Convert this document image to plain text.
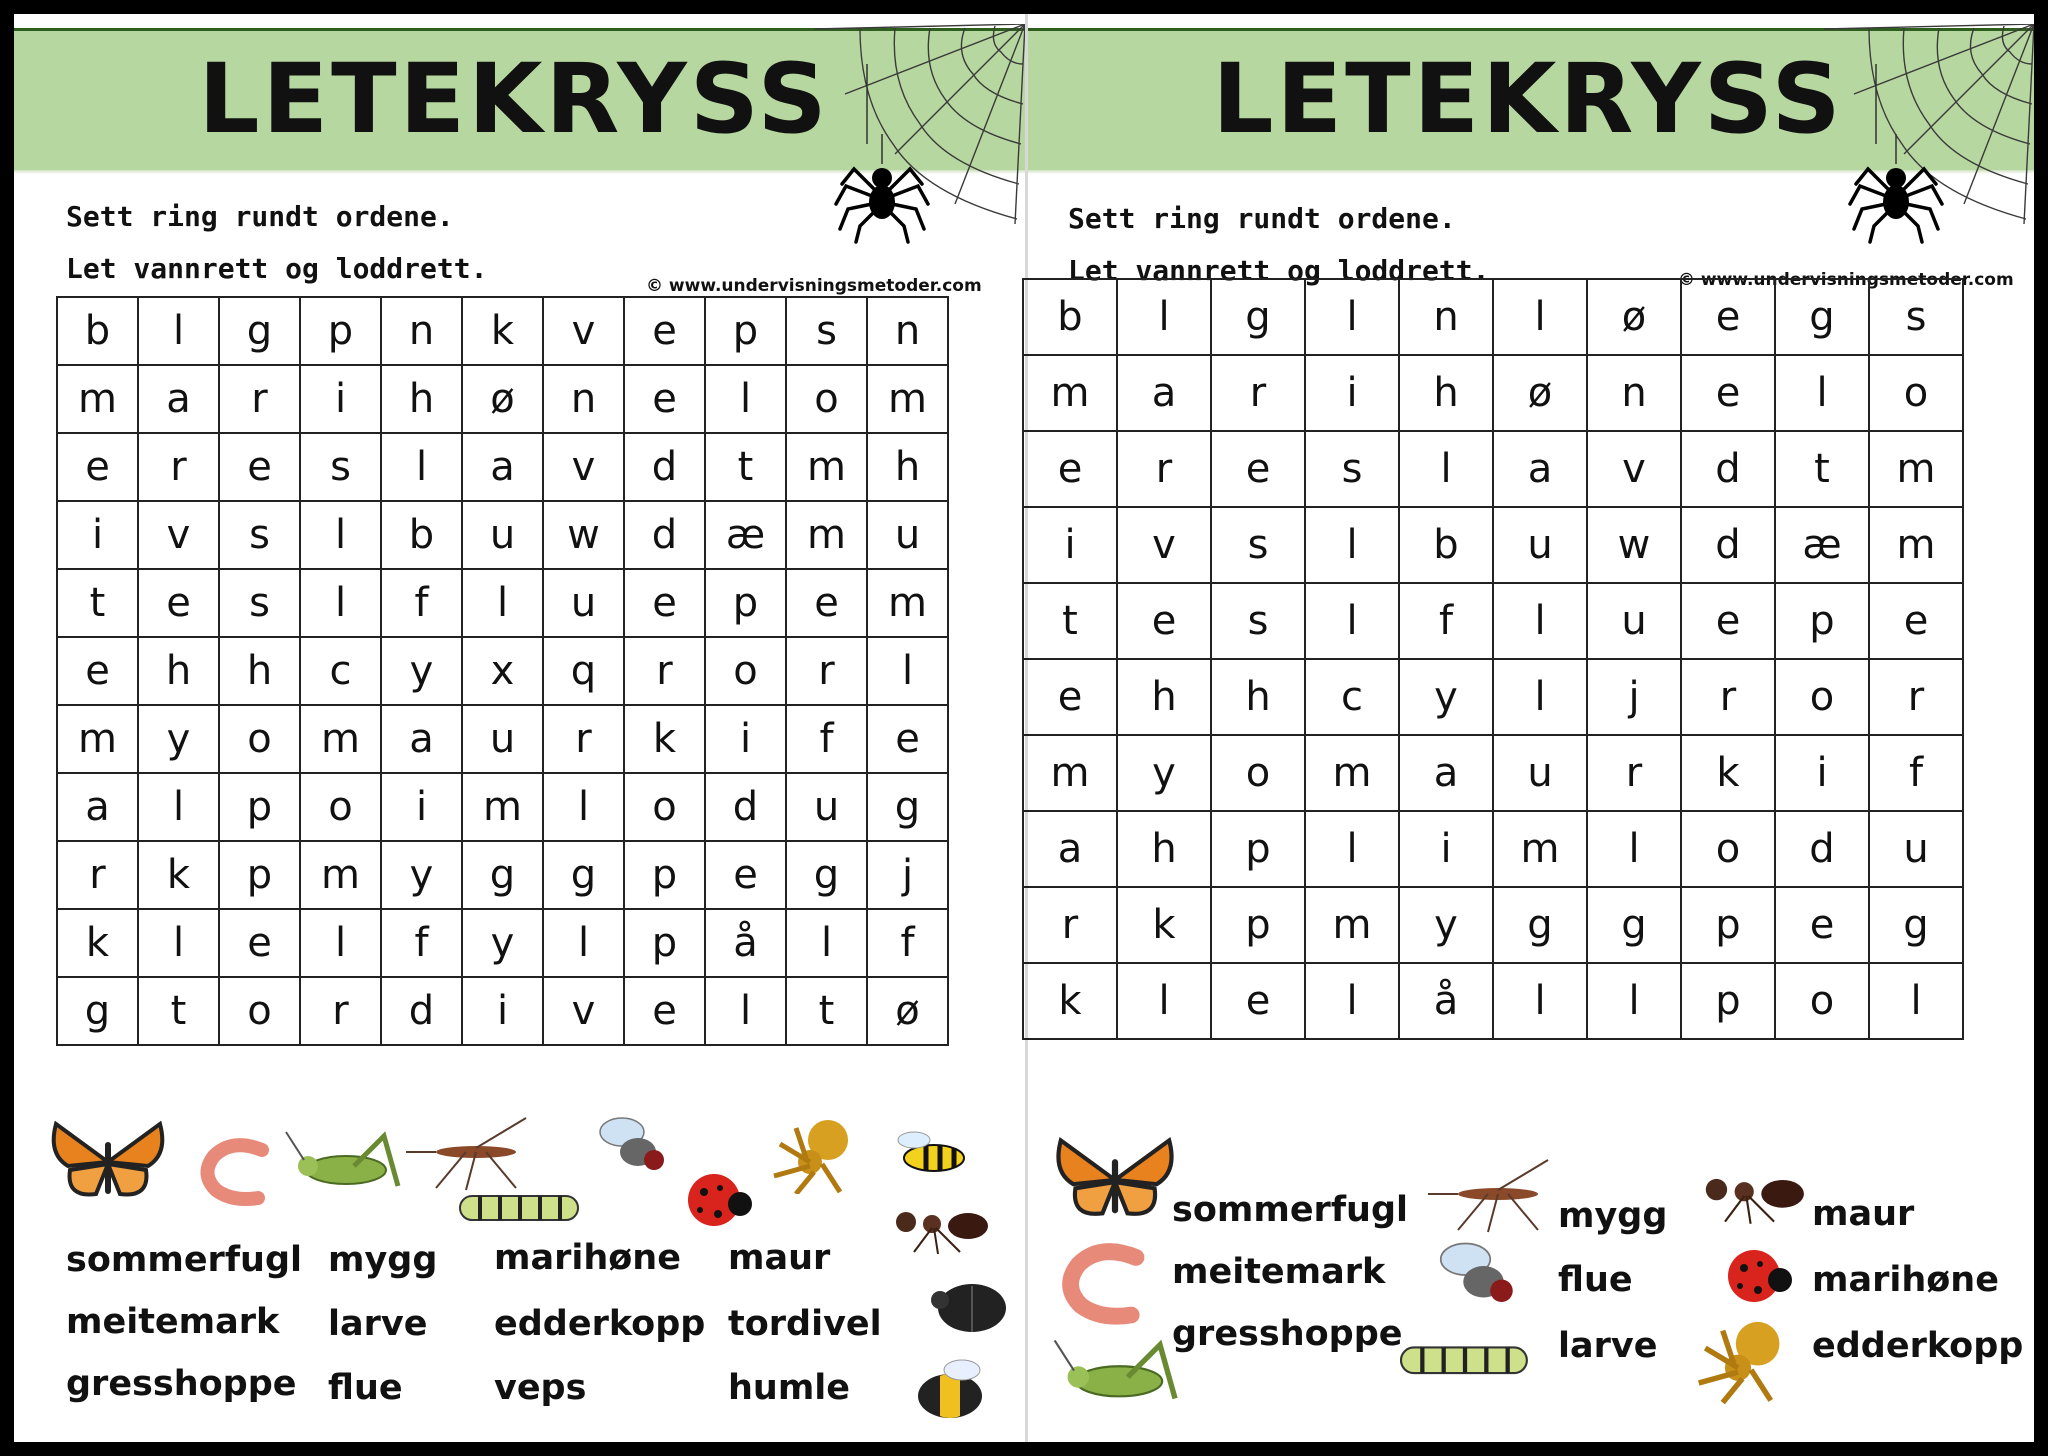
LETEKRYSS
Sett ring rundt ordene.
Let vannrett og loddrett.
© www.undervisningsmetoder.com
b	l	g	p	n	k	v	e	p	s	n
m	a	r	i	h	ø	n	e	l	o	m
e	r	e	s	l	a	v	d	t	m	h
i	v	s	l	b	u	w	d	æ	m	u
t	e	s	l	f	l	u	e	p	e	m
e	h	h	c	y	x	q	r	o	r	l
m	y	o	m	a	u	r	k	i	f	e
a	l	p	o	i	m	l	o	d	u	g
r	k	p	m	y	g	g	p	e	g	j
k	l	e	l	f	y	l	p	å	l	f
g	t	o	r	d	i	v	e	l	t	ø
sommerfugl mygg marihøne maur
meitemark larve edderkopp tordivel
gresshoppe flue	veps	humle
LETEKRYSS
Sett ring rundt ordene.
Let vannrett og loddrett.	© www.undervisningsmetoder.com
sommerfugl
meitemark
gresshoppe
mygg
flue
larve
maur
marihøne
edderkopp
b	l	g	l	n	l	ø	e	g	s
m	a	r	i	h	ø	n	e	l	o
e	r	e	s	l	a	v	d	t	m
i	v	s	l	b	u	w	d	æ	m
t	e	s	l	f	l	u	e	p	e
e	h	h	c	y	l	j	r	o	r
m	y	o	m	a	u	r	k	i	f
a	h	p	l	i	m	l	o	d	u
r	k	p	m	y	g	g	p	e	g
k	l	e	l	å	l	l	p	o	l
